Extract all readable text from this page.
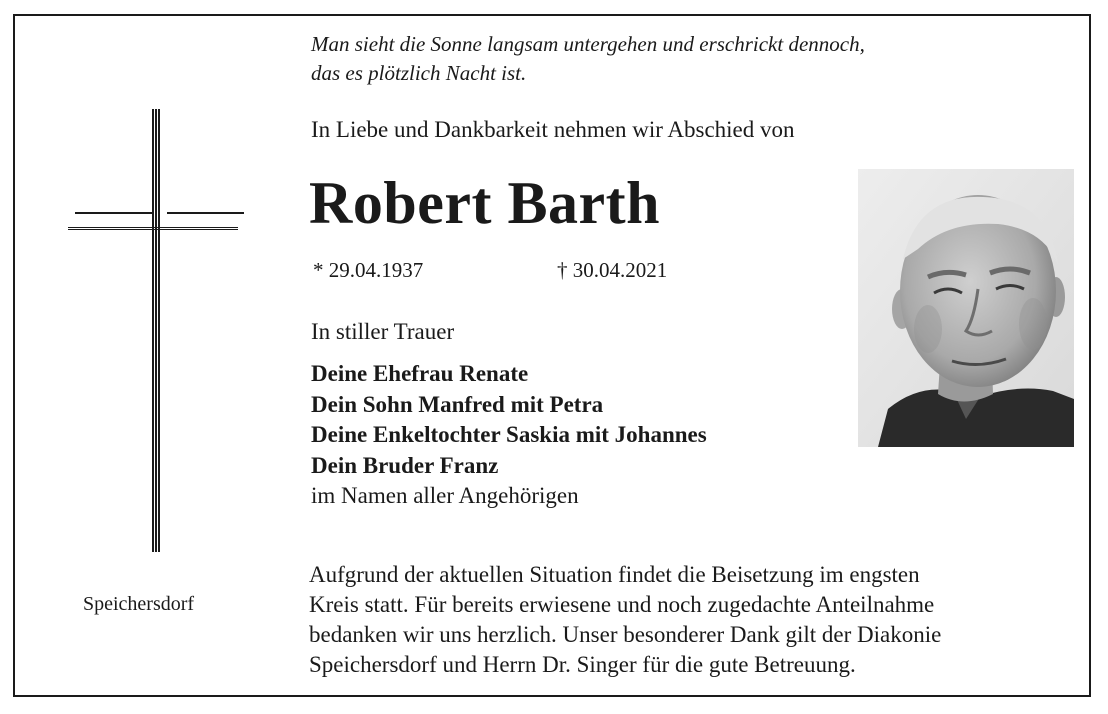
Man sieht die Sonne langsam untergehen und erschrickt dennoch,
das es plötzlich Nacht ist.
In Liebe und Dankbarkeit nehmen wir Abschied von
Robert Barth
* 29.04.1937	† 30.04.2021
In stiller Trauer
Deine Ehefrau Renate
Dein Sohn Manfred mit Petra
Deine Enkeltochter Saskia mit Johannes
Dein Bruder Franz
im Namen aller Angehörigen
Aufgrund der aktuellen Situation findet die Beisetzung im engsten
Kreis statt. Für bereits erwiesene und noch zugedachte Anteilnahme
bedanken wir uns herzlich. Unser besonderer Dank gilt der Diakonie
Speichersdorf und Herrn Dr. Singer für die gute Betreuung.
Speichersdorf
